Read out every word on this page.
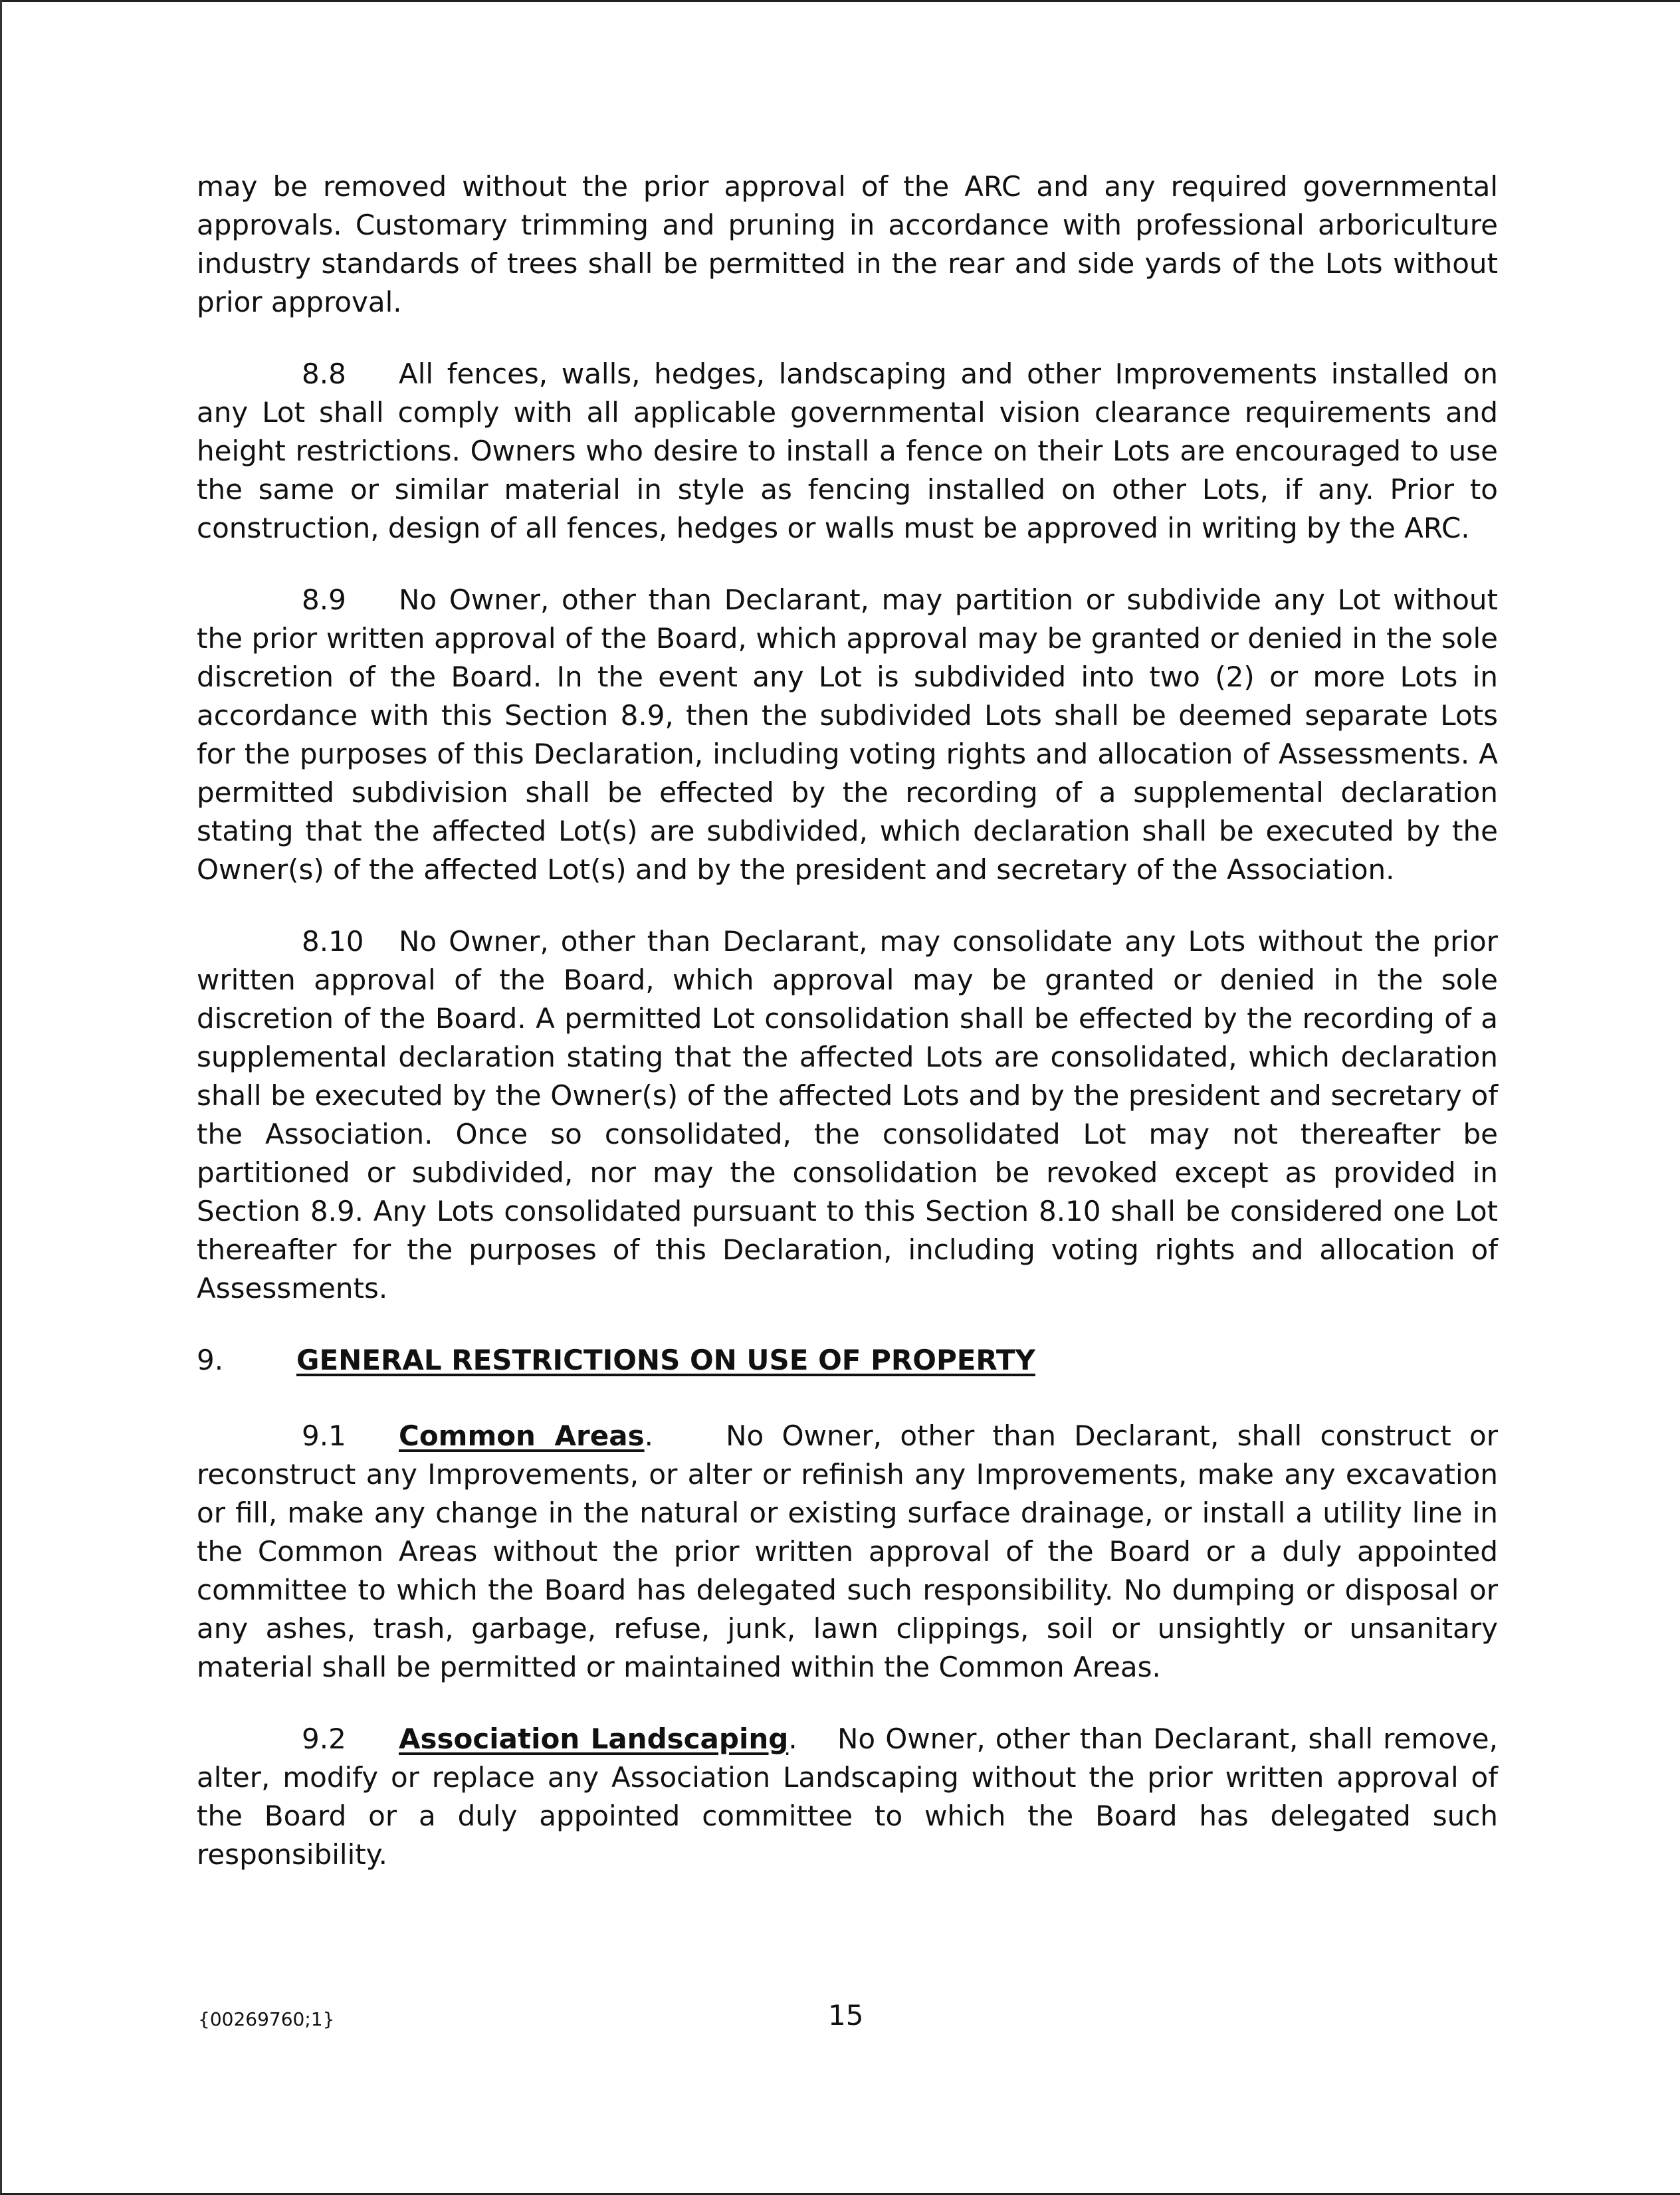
may be removed without the prior approval of the ARC and any required governmental approvals. Customary trimming and pruning in accordance with professional arboriculture industry standards of trees shall be permitted in the rear and side yards of the Lots without prior approval.

8.8 All fences, walls, hedges, landscaping and other Improvements installed on any Lot shall comply with all applicable governmental vision clearance requirements and height restrictions. Owners who desire to install a fence on their Lots are encouraged to use the same or similar material in style as fencing installed on other Lots, if any. Prior to construction, design of all fences, hedges or walls must be approved in writing by the ARC.

8.9 No Owner, other than Declarant, may partition or subdivide any Lot without the prior written approval of the Board, which approval may be granted or denied in the sole discretion of the Board. In the event any Lot is subdivided into two (2) or more Lots in accordance with this Section 8.9, then the subdivided Lots shall be deemed separate Lots for the purposes of this Declaration, including voting rights and allocation of Assessments. A permitted subdivision shall be effected by the recording of a supplemental declaration stating that the affected Lot(s) are subdivided, which declaration shall be executed by the Owner(s) of the affected Lot(s) and by the president and secretary of the Association.

8.10 No Owner, other than Declarant, may consolidate any Lots without the prior written approval of the Board, which approval may be granted or denied in the sole discretion of the Board. A permitted Lot consolidation shall be effected by the recording of a supplemental declaration stating that the affected Lots are consolidated, which declaration shall be executed by the Owner(s) of the affected Lots and by the president and secretary of the Association. Once so consolidated, the consolidated Lot may not thereafter be partitioned or subdivided, nor may the consolidation be revoked except as provided in Section 8.9. Any Lots consolidated pursuant to this Section 8.10 shall be considered one Lot thereafter for the purposes of this Declaration, including voting rights and allocation of Assessments.

9.	GENERAL RESTRICTIONS ON USE OF PROPERTY

9.1 Common Areas.	No Owner, other than Declarant, shall construct or reconstruct any Improvements, or alter or refinish any Improvements, make any excavation or fill, make any change in the natural or existing surface drainage, or install a utility line in the Common Areas without the prior written approval of the Board or a duly appointed committee to which the Board has delegated such responsibility. No dumping or disposal or any ashes, trash, garbage, refuse, junk, lawn clippings, soil or unsightly or unsanitary material shall be permitted or maintained within the Common Areas.

9.2 Association Landscaping. No Owner, other than Declarant, shall remove, alter, modify or replace any Association Landscaping without the prior written approval of the Board or a duly appointed committee to which the Board has delegated such responsibility.

{00269760;1}	15
